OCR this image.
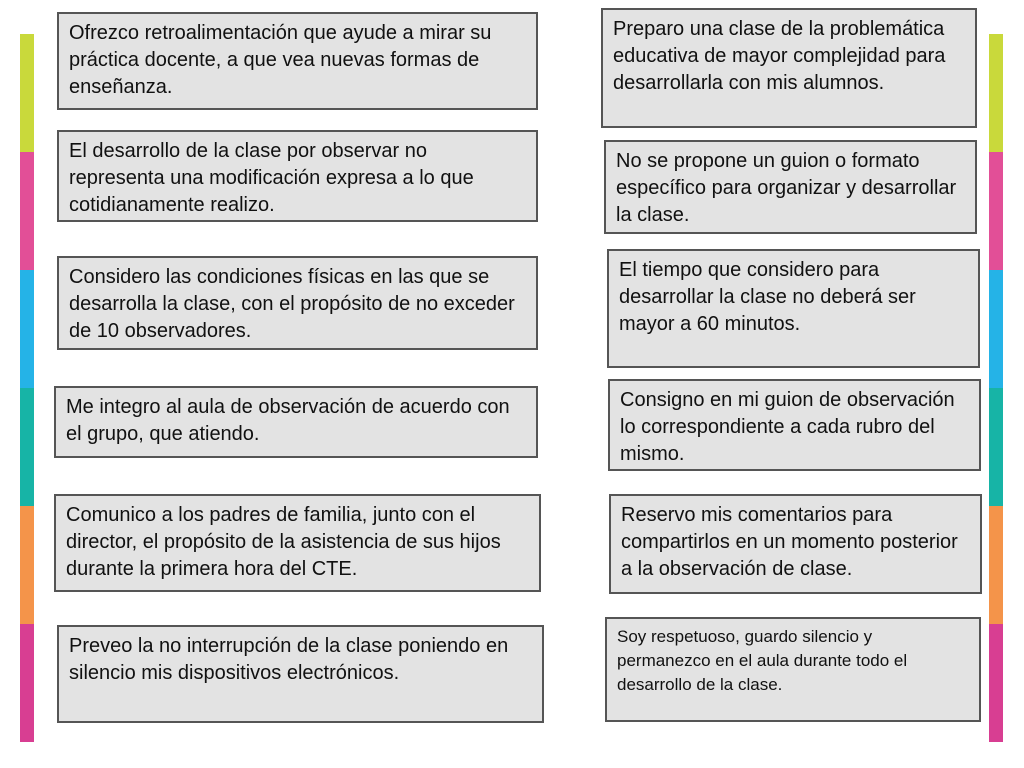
Ofrezco retroalimentación que ayude a mirar su práctica docente, a que vea nuevas formas de enseñanza.
El desarrollo de la clase por observar no representa una modificación expresa a lo que cotidianamente realizo.
Considero las condiciones físicas en las que se desarrolla la clase, con el propósito de no exceder de 10 observadores.
Me integro al aula de observación de acuerdo con el grupo, que atiendo.
Comunico a los padres de familia, junto con el director, el propósito de la asistencia de sus hijos durante la primera hora del CTE.
Preveo la no interrupción de la clase poniendo en silencio mis dispositivos electrónicos.
Preparo una clase de la problemática educativa de mayor complejidad para desarrollarla con mis alumnos.
No se propone un guion o formato específico para organizar y desarrollar la clase.
El tiempo que considero para desarrollar la clase no deberá ser mayor a 60 minutos.
Consigno en mi guion de observación lo correspondiente a cada rubro del mismo.
Reservo mis comentarios para compartirlos en un momento posterior a la observación de clase.
Soy respetuoso, guardo silencio y permanezco en el aula durante todo el desarrollo de la clase.
